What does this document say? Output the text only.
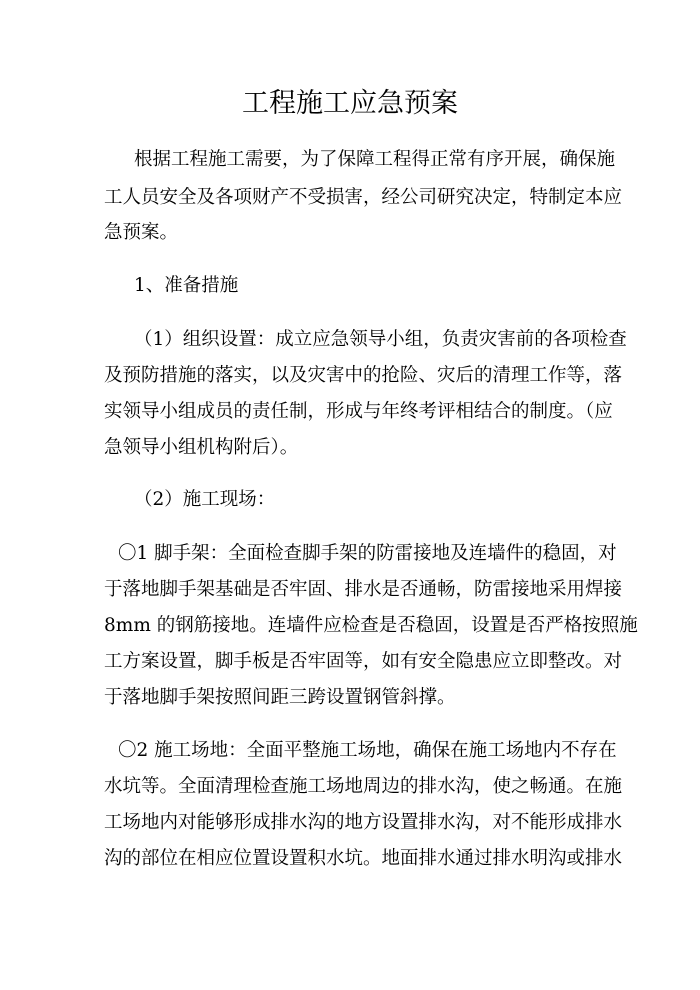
工程施工应急预案

根据工程施工需要，为了保障工程得正常有序开展，确保施

工人员安全及各项财产不受损害，经公司研究决定，特制定本应

急预案。

1、准备措施

（1）组织设置：成立应急领导小组，负责灾害前的各项检查

及预防措施的落实，以及灾害中的抢险、灾后的清理工作等，落

实领导小组成员的责任制，形成与年终考评相结合的制度。（应

急领导小组机构附后）。

（2）施工现场：

〇1 脚手架：全面检查脚手架的防雷接地及连墙件的稳固，对

于落地脚手架基础是否牢固、排水是否通畅，防雷接地采用焊接

8mm 的钢筋接地。连墙件应检查是否稳固，设置是否严格按照施

工方案设置，脚手板是否牢固等，如有安全隐患应立即整改。对

于落地脚手架按照间距三跨设置钢管斜撑。

〇2 施工场地：全面平整施工场地，确保在施工场地内不存在

水坑等。全面清理检查施工场地周边的排水沟，使之畅通。在施

工场地内对能够形成排水沟的地方设置排水沟，对不能形成排水

沟的部位在相应位置设置积水坑。地面排水通过排水明沟或排水
